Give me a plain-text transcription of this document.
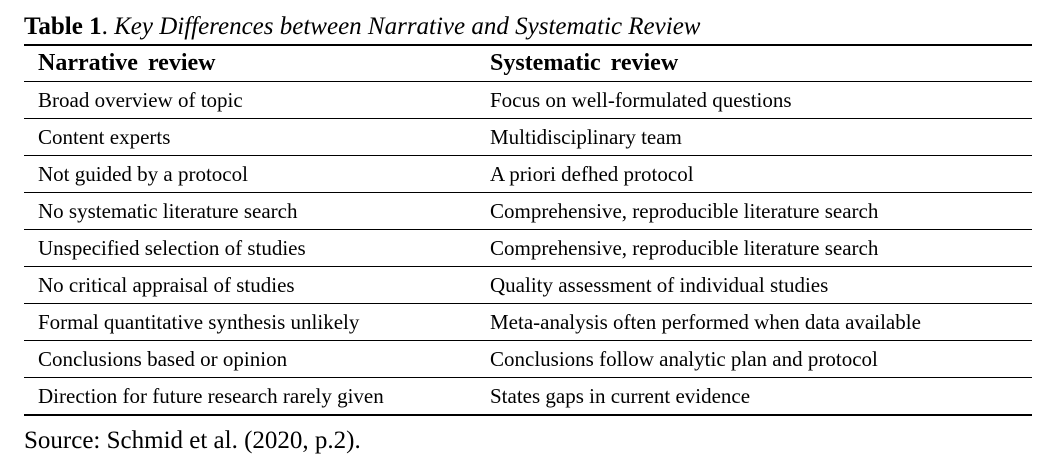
Table 1. Key Differences between Narrative and Systematic Review
Narrative review	Systematic review
Broad overview of topic	Focus on well-formulated questions
Content experts	Multidisciplinary team
Not guided by a protocol	A priori defhed protocol
No systematic literature search	Comprehensive, reproducible literature search
Unspecified selection of studies	Comprehensive, reproducible literature search
No critical appraisal of studies	Quality assessment of individual studies
Formal quantitative synthesis unlikely	Meta-analysis often performed when data available
Conclusions based or opinion	Conclusions follow analytic plan and protocol
Direction for future research rarely given	States gaps in current evidence
Source: Schmid et al. (2020, p.2).
